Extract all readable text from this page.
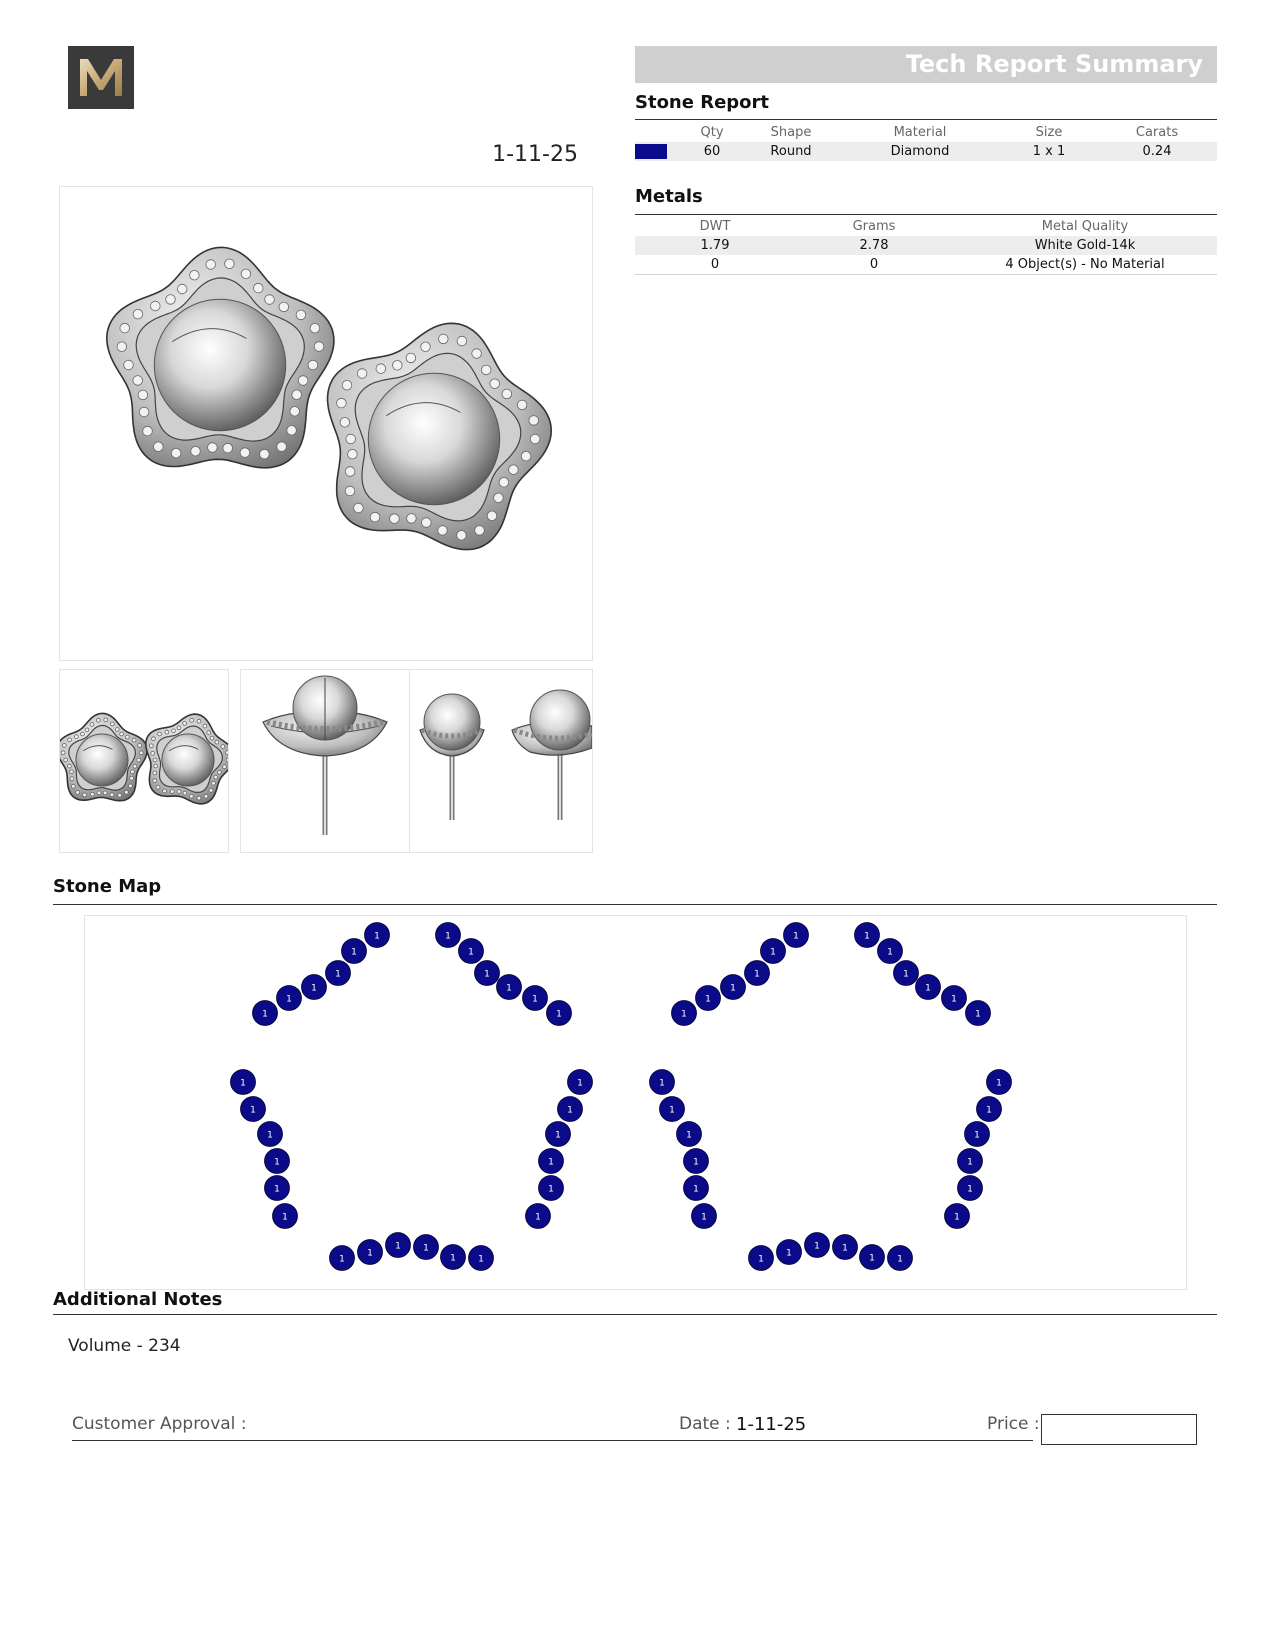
1-11-25
Tech Report Summary
Stone Report
	Qty	Shape	Material	Size	Carats

	60	Round	Diamond	1 x 1	0.24
Metals
DWT	Grams	Metal Quality
1.79	2.78	White Gold-14k
0	0	4 Object(s) - No Material
Stone Map
1
1
1
1
1
1	1
1
1
1
1
1
1
1
1
1
1
1
1
1
1
1
1
1
1
1
1
1
1
1
1
1
1
1
1
1	1
1
1
1
1
1
1
1
1
1
1
1
1
1
1
1
1
1
1
1
1
1
1
1
Additional Notes
Volume - 234
Customer Approval :	Date : 1-11-25	Price :
